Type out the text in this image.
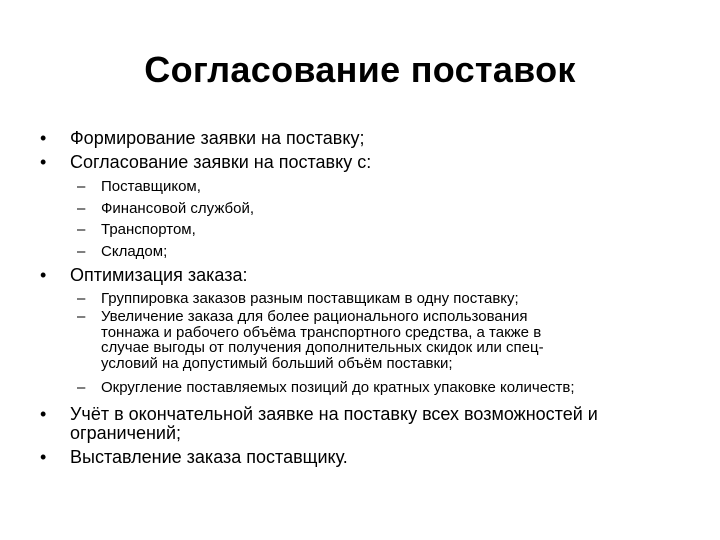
Согласование поставок
• Формирование заявки на поставку;
• Согласование заявки на поставку с:
– Поставщиком,
– Финансовой службой,
– Транспортом,
– Складом;
• Оптимизация заказа:
– Группировка заказов разным поставщикам в одну поставку;
– Увеличение заказа для более рационального использования
тоннажа и рабочего объёма транспортного средства, а также в
случае выгоды от получения дополнительных скидок или спец-
условий на допустимый больший объём поставки;
– Округление поставляемых позиций до кратных упаковке количеств;
• Учёт в окончательной заявке на поставку всех возможностей и
ограничений;
• Выставление заказа поставщику.
